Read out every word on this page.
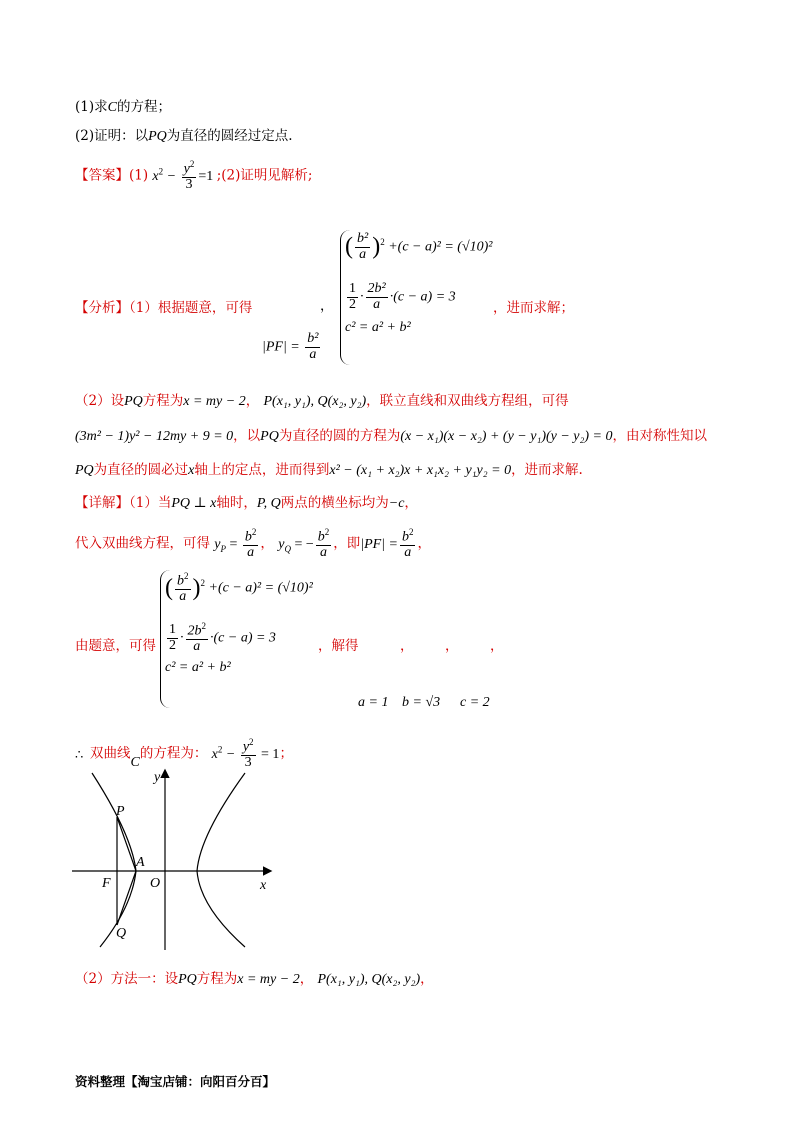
(1)求C的方程；
(2)证明：以PQ为直径的圆经过定点.
【答案】(1) $x^2 - \frac{y^2}{3} =1$ ;(2)证明见解析;
( $\frac{\text{b²}}{a} )^2 +(c - a)^2 = (√10)^2$
$\frac{1}{2} \cdot \frac{\text{2b²}}{a} \cdot(c - a) = 3$
c² = a² + b²
【分析】（1）根据题意，可得	，	，进而求解；
$|PF| = \frac{\text{b²}}{a}$
（2）设PQ方程为x = my − 2， P(x₁, y₁), Q(x₂, y₂)，联立直线和双曲线方程组，可得
(3m² − 1)y² − 12my + 9 = 0，以PQ为直径的圆的方程为(x − x₁)(x − x₂) + (y − y₁)(y − y₂) = 0，由对称性知以
PQ为直径的圆必过x轴上的定点，进而得到x² − (x₁ + x₂)x + x₁x₂ + y₁y₂ = 0，进而求解.
【详解】（1）当PQ ⊥ x轴时，P, Q两点的横坐标均为−c，
代入双曲线方程，可得 $y_P = \frac{b^2}{a}$ ， $y_Q$ = − $\frac{b^2}{a}$ ，即$|PF| = \frac{b^2}{a}$ ，
( $\frac{b^2}{a} )^2 +(c - a)^2 = (√10)^2$
$\frac{1}{2} \cdot \frac{2b^2}{a} \cdot(c - a) = 3$
c² = a² + b²
由题意，可得	，解得	， ， ，
a = 1 b = √3 c = 2
∴ 双曲线C的方程为： $x^2 - \frac{y^2}{3} = 1$；
y
x
P
A
F	O
Q
（2）方法一：设PQ方程为x = my − 2， P(x₁, y₁), Q(x₂, y₂)，
资料整理【淘宝店铺：向阳百分百】
